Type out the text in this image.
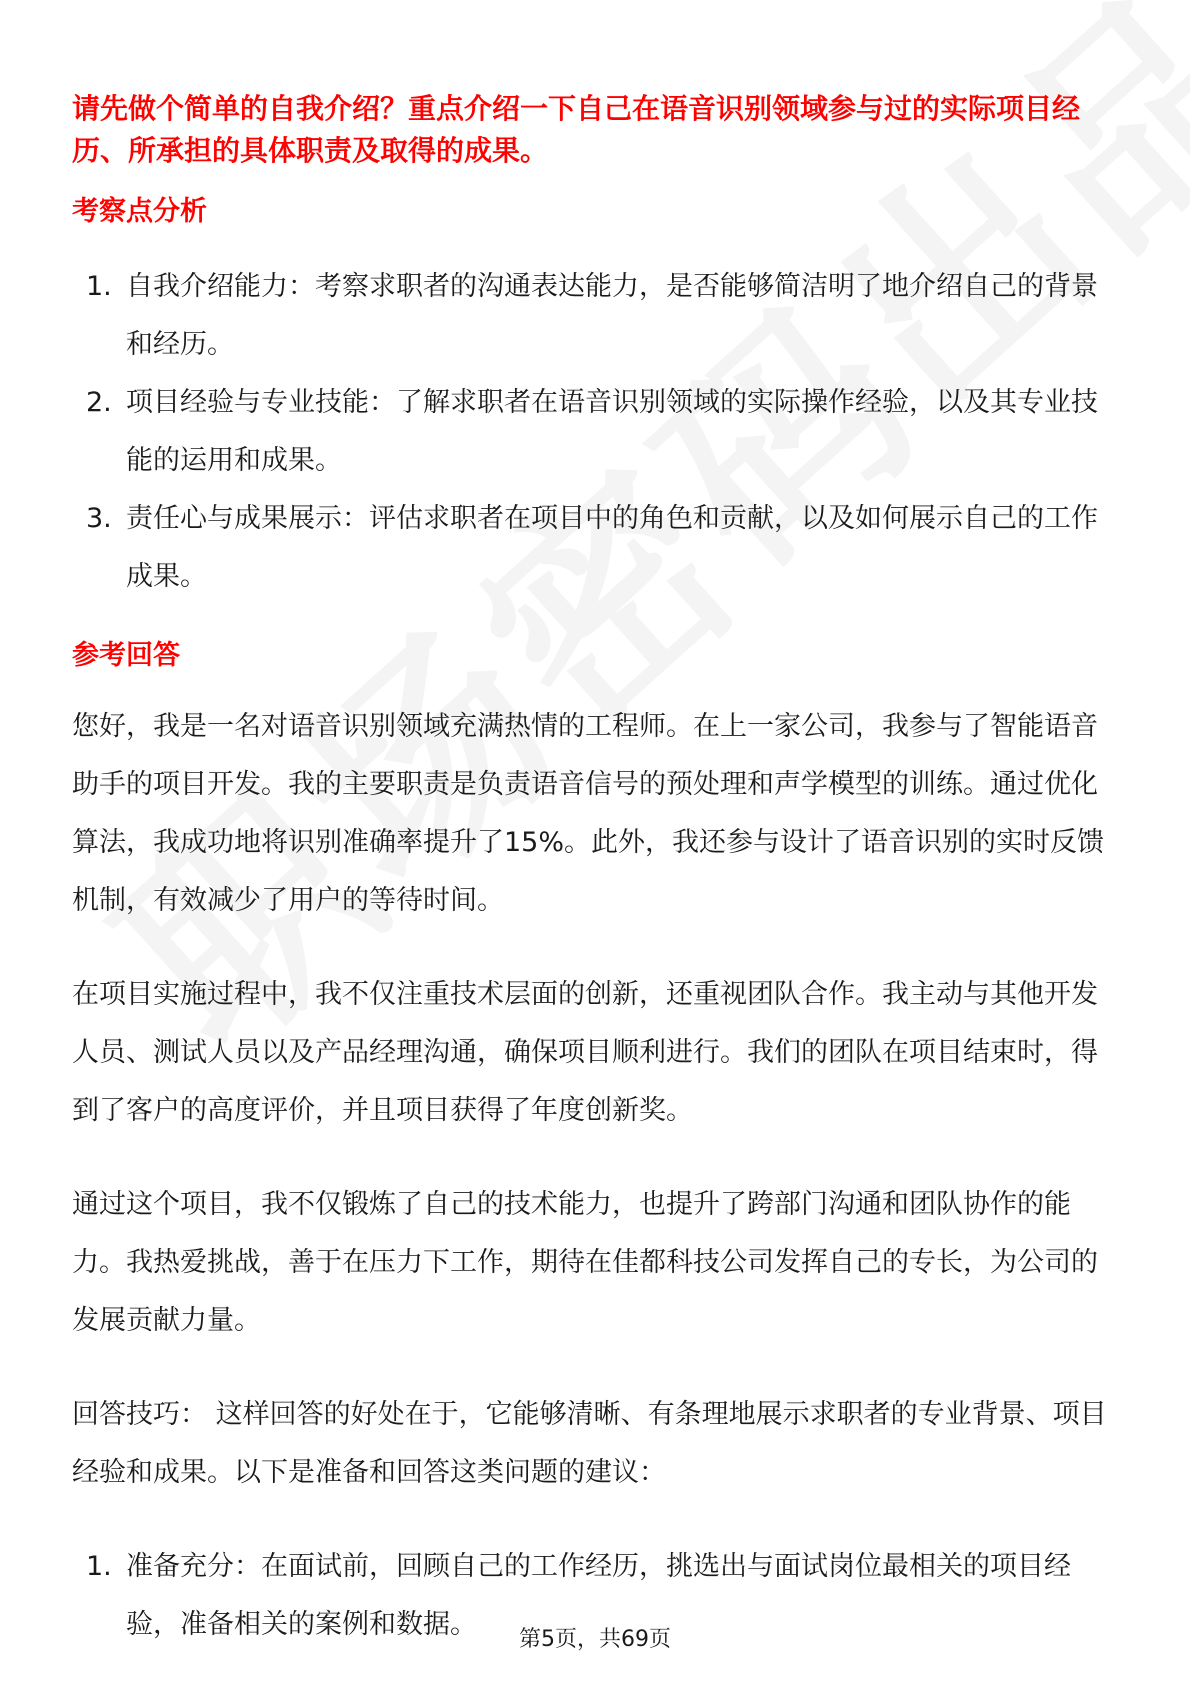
请先做个简单的自我介绍？重点介绍一下自己在语音识别领域参与过的实际项目经历、所承担的具体职责及取得的成果。
考察点分析
1. 自我介绍能力：考察求职者的沟通表达能力，是否能够简洁明了地介绍自己的背景和经历。
2. 项目经验与专业技能：了解求职者在语音识别领域的实际操作经验，以及其专业技能的运用和成果。
3. 责任心与成果展示：评估求职者在项目中的角色和贡献，以及如何展示自己的工作成果。
参考回答

您好，我是一名对语音识别领域充满热情的工程师。在上一家公司，我参与了智能语音助手的项目开发。我的主要职责是负责语音信号的预处理和声学模型的训练。通过优化算法，我成功地将识别准确率提升了15%。此外，我还参与设计了语音识别的实时反馈机制，有效减少了用户的等待时间。

在项目实施过程中，我不仅注重技术层面的创新，还重视团队合作。我主动与其他开发人员、测试人员以及产品经理沟通，确保项目顺利进行。我们的团队在项目结束时，得到了客户的高度评价，并且项目获得了年度创新奖。

通过这个项目，我不仅锻炼了自己的技术能力，也提升了跨部门沟通和团队协作的能力。我热爱挑战，善于在压力下工作，期待在佳都科技公司发挥自己的专长，为公司的发展贡献力量。

回答技巧： 这样回答的好处在于，它能够清晰、有条理地展示求职者的专业背景、项目经验和成果。以下是准备和回答这类问题的建议：

1. 准备充分：在面试前，回顾自己的工作经历，挑选出与面试岗位最相关的项目经验，准备相关的案例和数据。	第5页，共69页
